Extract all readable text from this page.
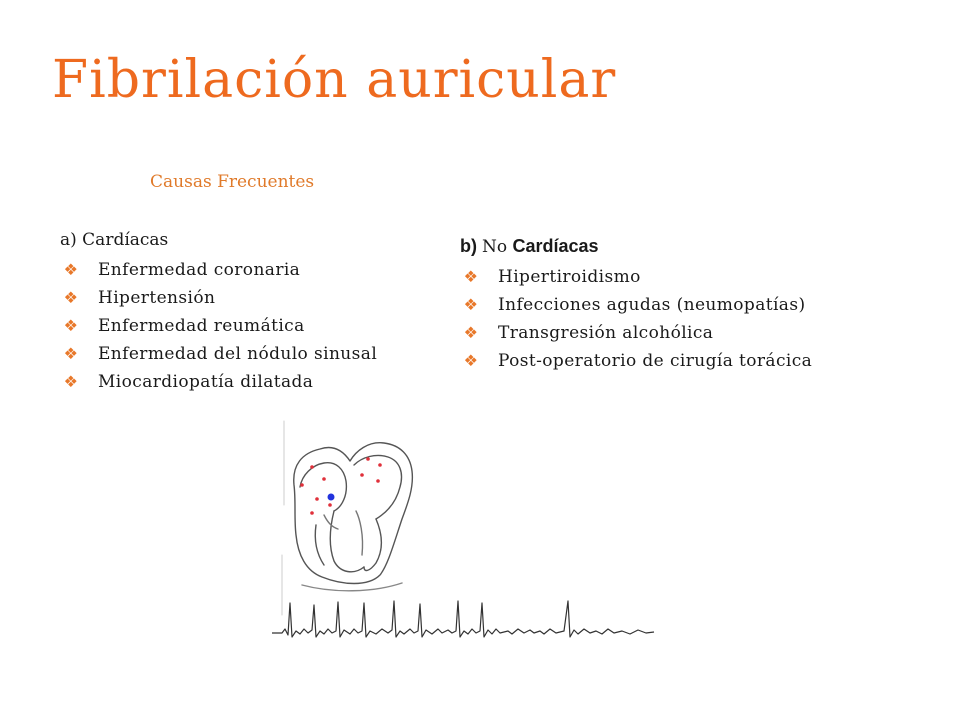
Fibrilación auricular

Causas Frecuentes

a) Cardíacas

❖ Enfermedad coronaria
❖ Hipertensión
❖ Enfermedad reumática
❖ Enfermedad del nódulo sinusal
❖ Miocardiopatía dilatada

b) No Cardíacas

❖ Hipertiroidismo
❖ Infecciones agudas (neumopatías)
❖ Transgresión alcohólica
❖ Post-operatorio de cirugía torácica
